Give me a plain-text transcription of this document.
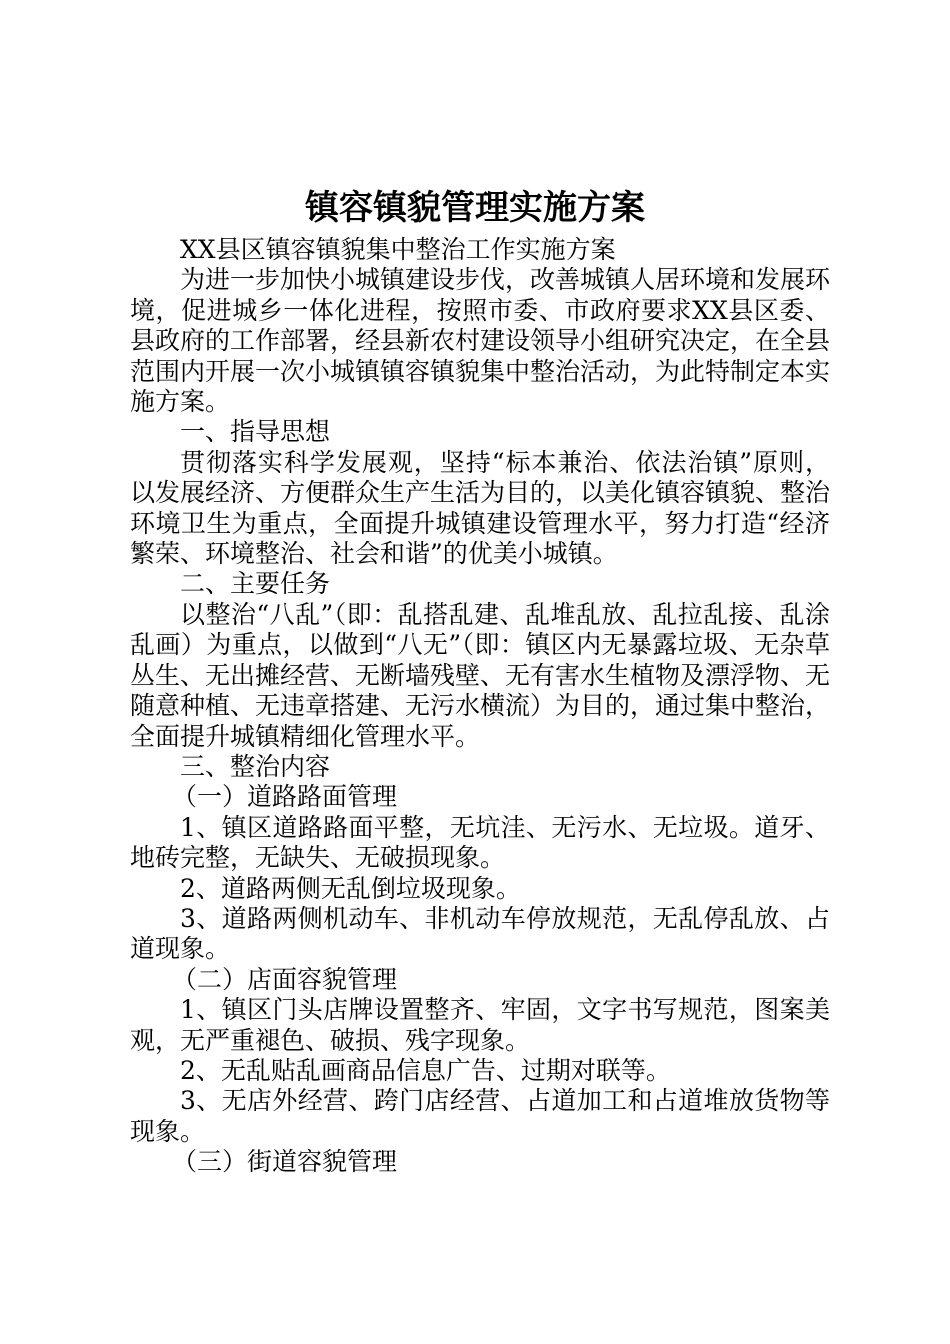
镇容镇貌管理实施方案

XX县区镇容镇貌集中整治工作实施方案

为进一步加快小城镇建设步伐，改善城镇人居环境和发展环境，促进城乡一体化进程，按照市委、市政府要求XX县区委、县政府的工作部署，经县新农村建设领导小组研究决定，在全县范围内开展一次小城镇镇容镇貌集中整治活动，为此特制定本实施方案。

一、指导思想

贯彻落实科学发展观，坚持“标本兼治、依法治镇”原则，以发展经济、方便群众生产生活为目的，以美化镇容镇貌、整治环境卫生为重点，全面提升城镇建设管理水平，努力打造“经济繁荣、环境整治、社会和谐”的优美小城镇。

二、主要任务

以整治“八乱”（即：乱搭乱建、乱堆乱放、乱拉乱接、乱涂乱画）为重点，以做到“八无”（即：镇区内无暴露垃圾、无杂草丛生、无出摊经营、无断墙残壁、无有害水生植物及漂浮物、无随意种植、无违章搭建、无污水横流）为目的，通过集中整治，全面提升城镇精细化管理水平。

三、整治内容

（一）道路路面管理

1、镇区道路路面平整，无坑洼、无污水、无垃圾。道牙、地砖完整，无缺失、无破损现象。

2、道路两侧无乱倒垃圾现象。

3、道路两侧机动车、非机动车停放规范，无乱停乱放、占道现象。

（二）店面容貌管理

1、镇区门头店牌设置整齐、牢固，文字书写规范，图案美观，无严重褪色、破损、残字现象。

2、无乱贴乱画商品信息广告、过期对联等。

3、无店外经营、跨门店经营、占道加工和占道堆放货物等现象。

（三）街道容貌管理
